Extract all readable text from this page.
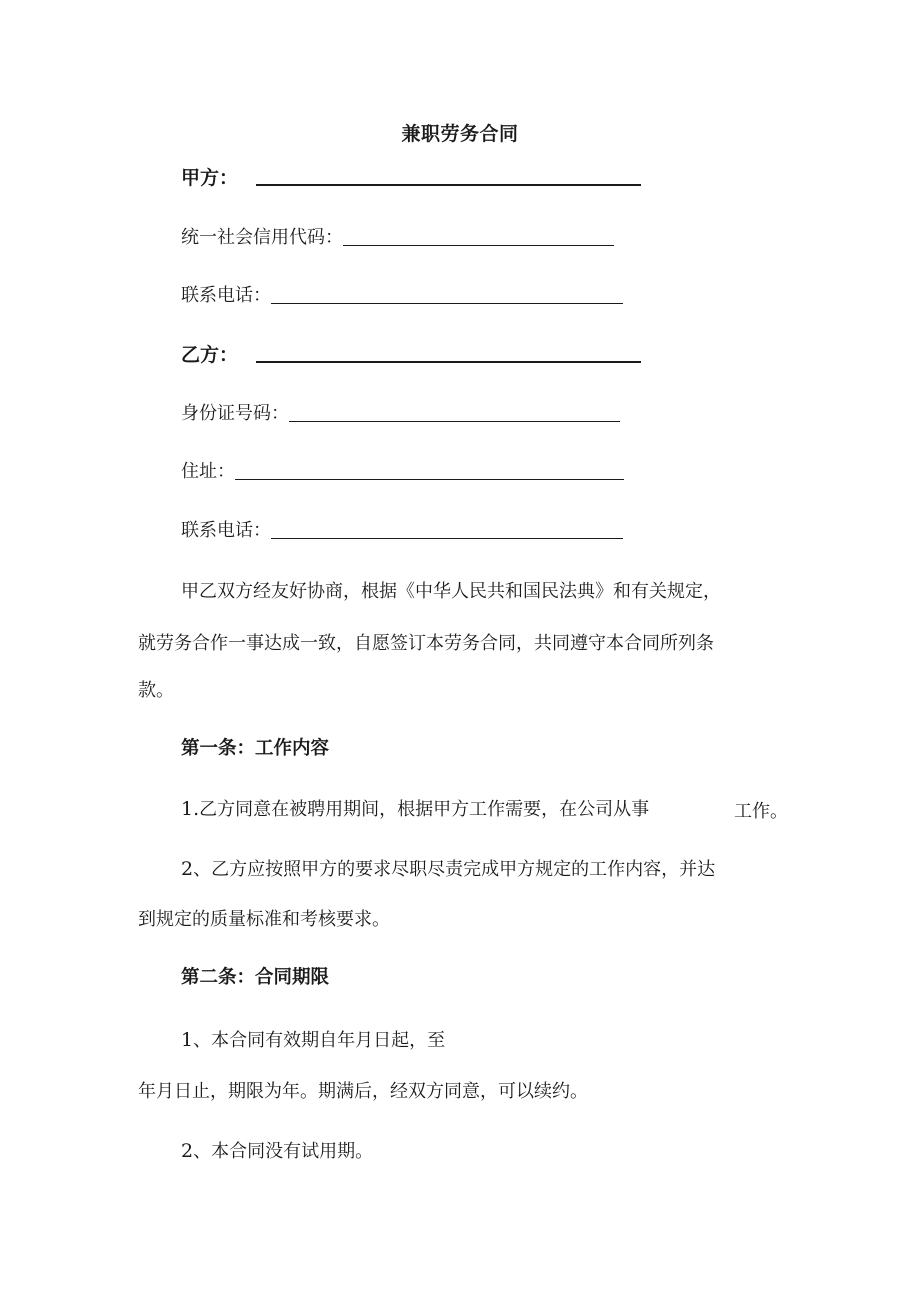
兼职劳务合同
甲方：
统一社会信用代码：
联系电话：
乙方：
身份证号码：
住址：
联系电话：
甲乙双方经友好协商，根据《中华人民共和国民法典》和有关规定，
就劳务合作一事达成一致，自愿签订本劳务合同，共同遵守本合同所列条
款。
第一条：工作内容
1.乙方同意在被聘用期间，根据甲方工作需要，在公司从事	工作。
2、乙方应按照甲方的要求尽职尽责完成甲方规定的工作内容，并达
到规定的质量标准和考核要求。
第二条：合同期限
1、本合同有效期自年月日起，至
年月日止，期限为年。期满后，经双方同意，可以续约。
2、本合同没有试用期。
